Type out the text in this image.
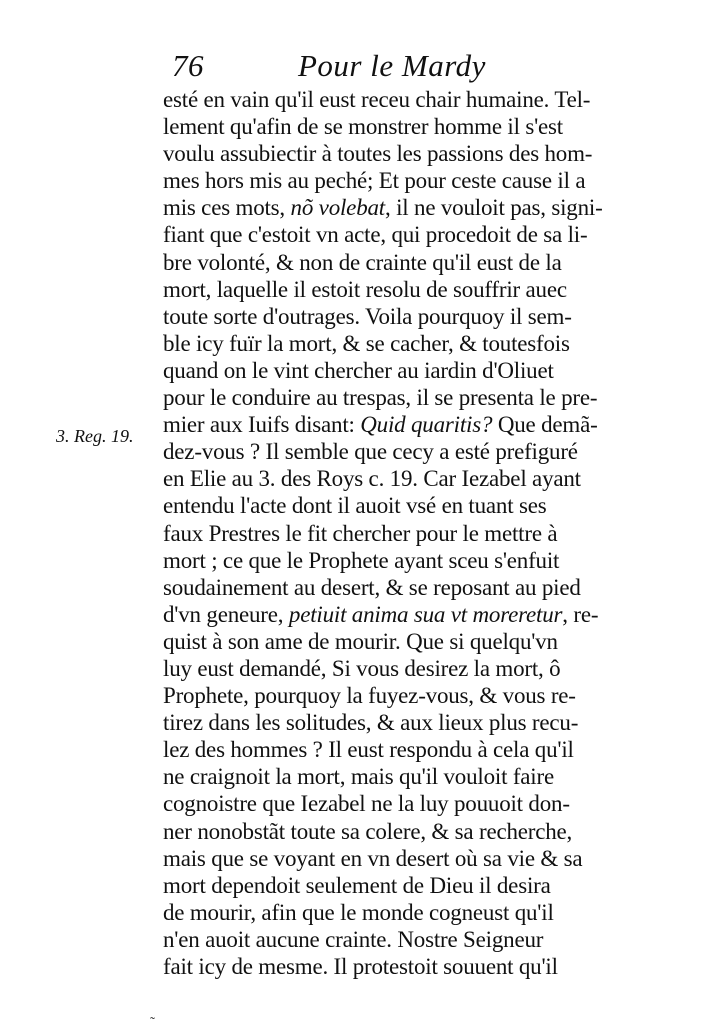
76	Pour le Mardy
3. Reg. 19.
esté en vain qu'il eust receu chair humaine. Tel-
lement qu'afin de se monstrer homme il s'est
voulu assubiectir à toutes les passions des hom-
mes hors mis au peché; Et pour ceste cause il a
mis ces mots, nõ volebat, il ne vouloit pas, signi-
fiant que c'estoit vn acte, qui procedoit de sa li-
bre volonté, & non de crainte qu'il eust de la
mort, laquelle il estoit resolu de souffrir auec
toute sorte d'outrages. Voila pourquoy il sem-
ble icy fuïr la mort, & se cacher, & toutesfois
quand on le vint chercher au iardin d'Oliuet
pour le conduire au trespas, il se presenta le pre-
mier aux Iuifs disant: Quid quaritis? Que demã-
dez-vous ? Il semble que cecy a esté prefiguré
en Elie au 3. des Roys c. 19. Car Iezabel ayant
entendu l'acte dont il auoit vsé en tuant ses
faux Prestres le fit chercher pour le mettre à
mort ; ce que le Prophete ayant sceu s'enfuit
soudainement au desert, & se reposant au pied
d'vn geneure, petiuit anima sua vt moreretur, re-
quist à son ame de mourir. Que si quelqu'vn
luy eust demandé, Si vous desirez la mort, ô
Prophete, pourquoy la fuyez-vous, & vous re-
tirez dans les solitudes, & aux lieux plus recu-
lez des hommes ? Il eust respondu à cela qu'il
ne craignoit la mort, mais qu'il vouloit faire
cognoistre que Iezabel ne la luy pouuoit don-
ner nonobstãt toute sa colere, & sa recherche,
mais que se voyant en vn desert où sa vie & sa
mort dependoit seulement de Dieu il desira
de mourir, afin que le monde cogneust qu'il
n'en auoit aucune crainte. Nostre Seigneur
fait icy de mesme. Il protestoit souuent qu'il
˷
